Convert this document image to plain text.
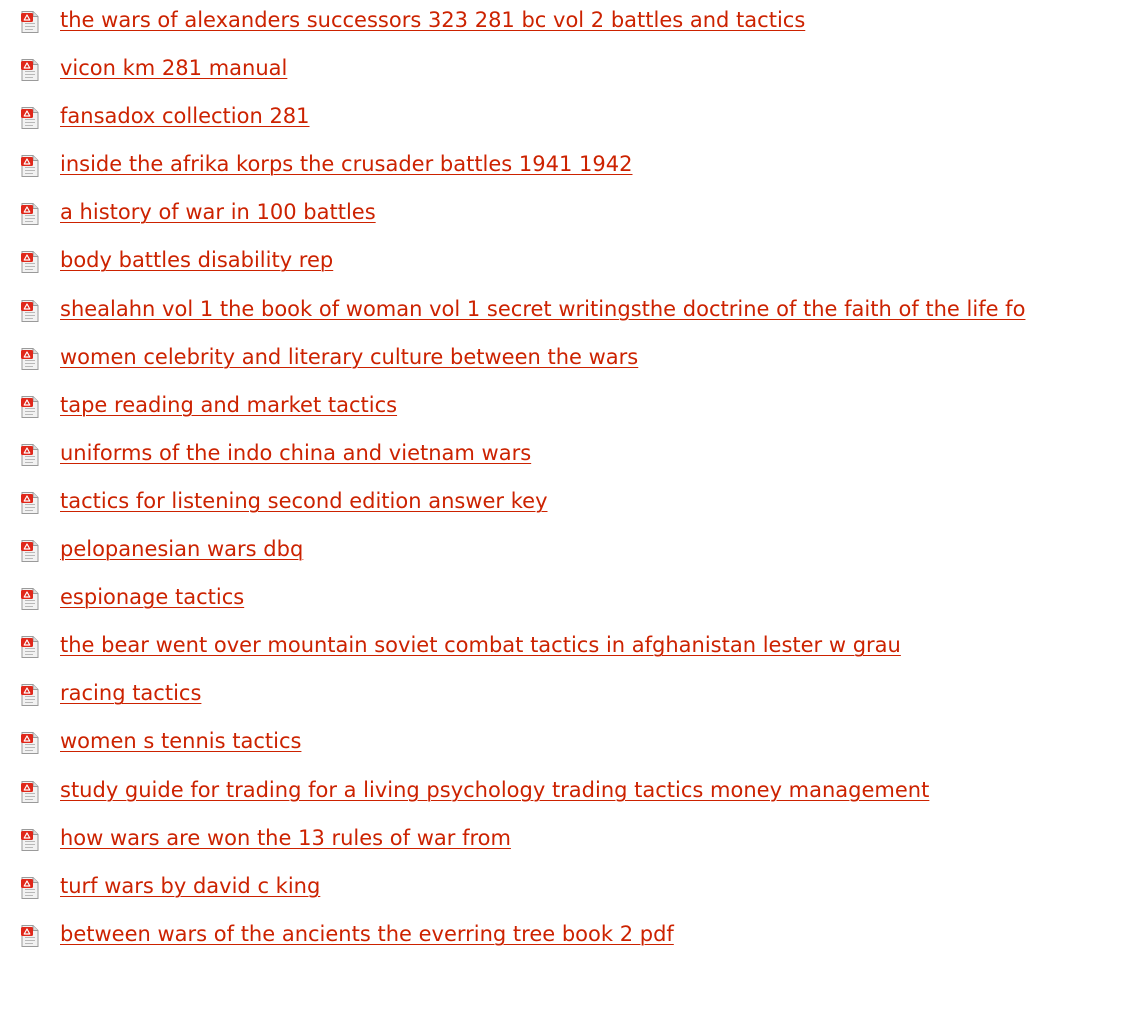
the wars of alexanders successors 323 281 bc vol 2 battles and tactics
vicon km 281 manual
fansadox collection 281
inside the afrika korps the crusader battles 1941 1942
a history of war in 100 battles
body battles disability rep
shealahn vol 1 the book of woman vol 1 secret writingsthe doctrine of the faith of the life fo
women celebrity and literary culture between the wars
tape reading and market tactics
uniforms of the indo china and vietnam wars
tactics for listening second edition answer key
pelopanesian wars dbq
espionage tactics
the bear went over mountain soviet combat tactics in afghanistan lester w grau
racing tactics
women s tennis tactics
study guide for trading for a living psychology trading tactics money management
how wars are won the 13 rules of war from
turf wars by david c king
between wars of the ancients the everring tree book 2 pdf
